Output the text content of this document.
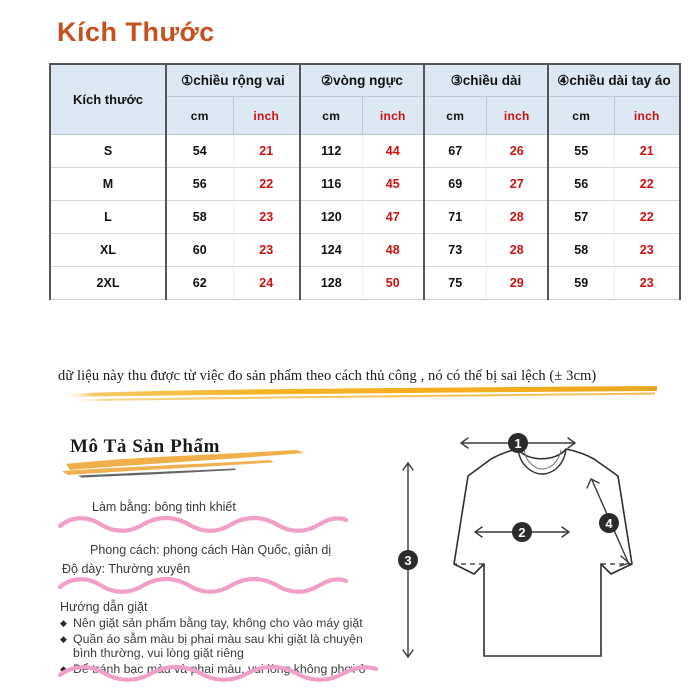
Kích Thước
Kích thước	①chiều rộng vai		②vòng ngực		③chiều dài		④chiều dài tay áo	
	cm	inch	cm	inch	cm	inch	cm	inch
S	54	21	112	44	67	26	55	21
M	56	22	116	45	69	27	56	22
L	58	23	120	47	71	28	57	22
XL	60	23	124	48	73	28	58	23
2XL	62	24	128	50	75	29	59	23
dữ liệu này thu được từ việc đo sản phẩm theo cách thủ công , nó có thể bị sai lệch (± 3cm)
Mô Tả Sản Phẩm
Làm bằng: bông tinh khiết
Phong cách: phong cách Hàn Quốc, giản dị
Độ dày: Thường xuyên
Hướng dẫn giặt
◆ Nên giặt sản phẩm bằng tay, không cho vào máy giặt
◆ Quần áo sẫm màu bị phai màu sau khi giặt là chuyện bình thường, vui lòng giặt riêng
◆ Để tránh bạc màu và phai màu, vui lòng không phơi ở
1
2
3
4
